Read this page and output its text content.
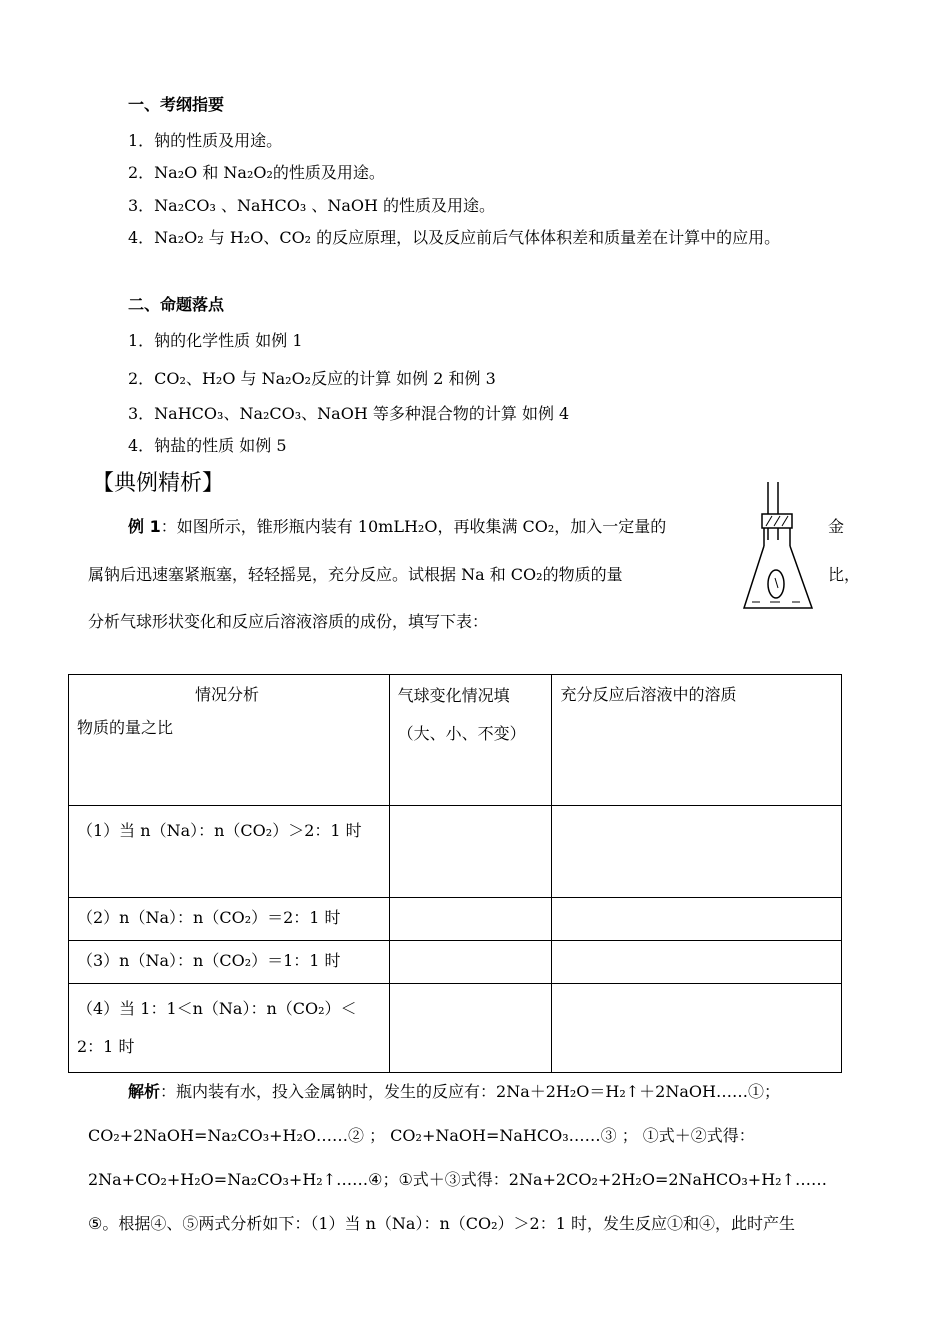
一、考纲指要
1．钠的性质及用途。
2．Na₂O 和 Na₂O₂的性质及用途。
3．Na₂CO₃ 、NaHCO₃ 、NaOH 的性质及用途。
4．Na₂O₂ 与 H₂O、CO₂ 的反应原理，以及反应前后气体体积差和质量差在计算中的应用。
二、命题落点
1．钠的化学性质 如例 1
2．CO₂、H₂O 与 Na₂O₂反应的计算 如例 2 和例 3
3．NaHCO₃、Na₂CO₃、NaOH 等多种混合物的计算 如例 4
4．钠盐的性质 如例 5
【典例精析】
例 1：如图所示，锥形瓶内装有 10mLH₂O，再收集满 CO₂，加入一定量的	金
属钠后迅速塞紧瓶塞，轻轻摇晃，充分反应。试根据 Na 和 CO₂的物质的量	比，
分析气球形状变化和反应后溶液溶质的成份，填写下表：
情况分析
物质的量之比	气球变化情况填（大、小、不变）	充分反应后溶液中的溶质
（1）当 n（Na）：n（CO₂）＞2：1 时		
（2）n（Na）：n（CO₂）＝2：1 时		
（3）n（Na）：n（CO₂）＝1：1 时		
（4）当 1：1＜n（Na）：n（CO₂）＜2：1 时		
解析：瓶内装有水，投入金属钠时，发生的反应有：2Na＋2H₂O＝H₂↑＋2NaOH……①；CO₂+2NaOH=Na₂CO₃+H₂O……② ； CO₂+NaOH=NaHCO₃……③ ； ①式＋②式得：2Na+CO₂+H₂O=Na₂CO₃+H₂↑……④；①式＋③式得：2Na+2CO₂+2H₂O=2NaHCO₃+H₂↑……⑤。根据④、⑤两式分析如下：（1）当 n（Na）：n（CO₂）＞2：1 时，发生反应①和④，此时产生
